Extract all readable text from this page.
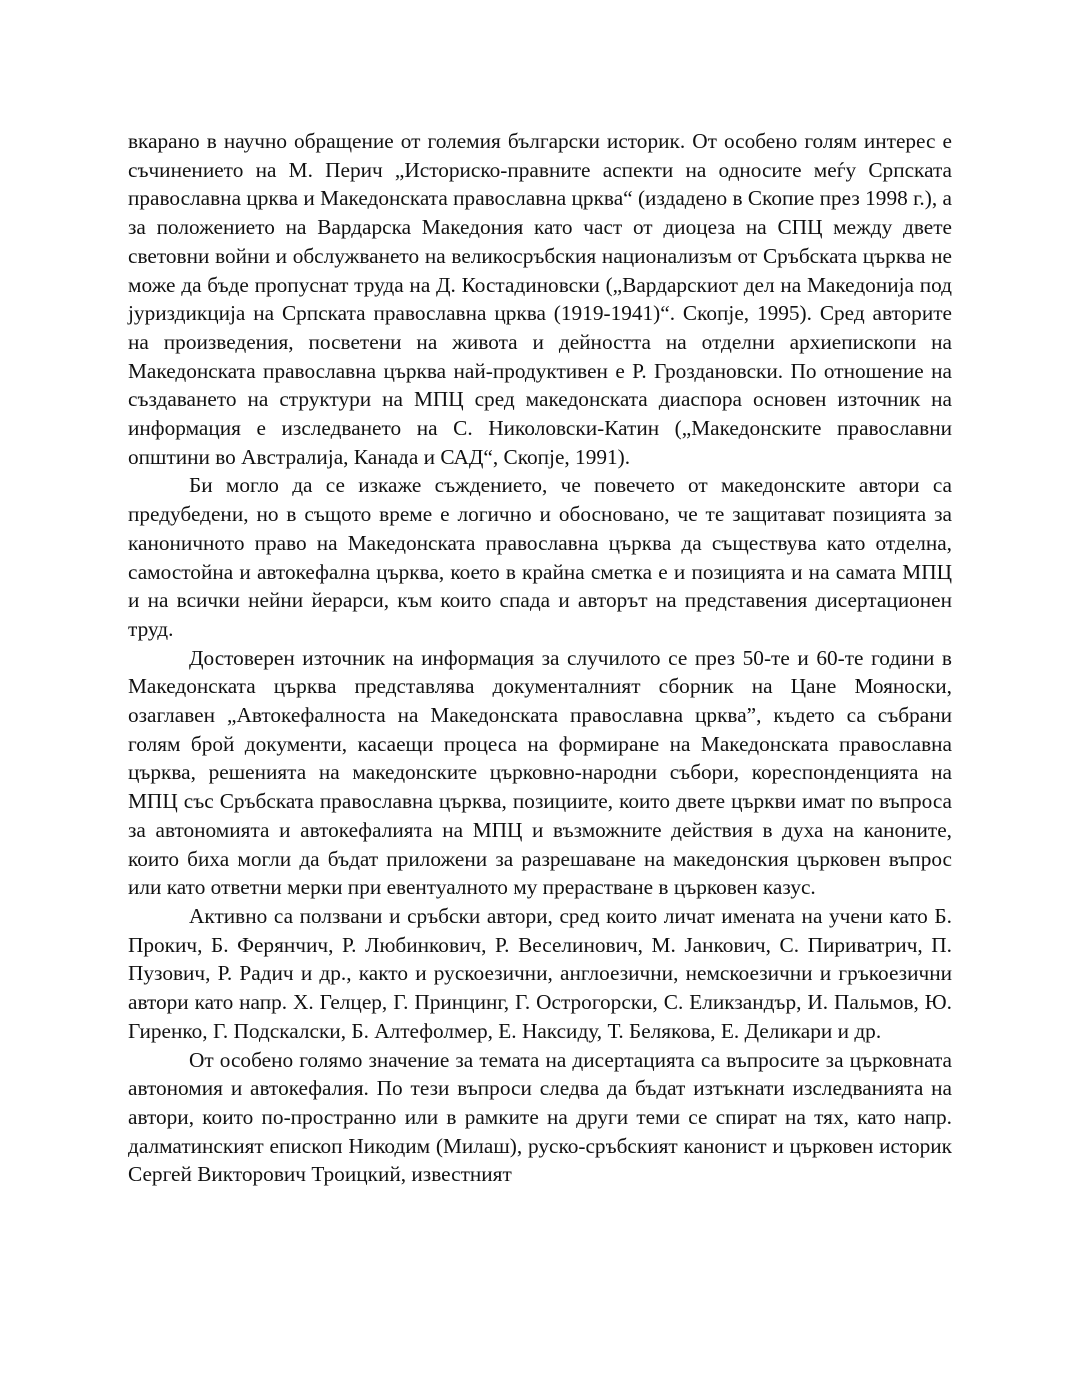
вкарано в научно обращение от големия български историк. От особено голям интерес е съчинението на М. Перич „Историско-правните аспекти на односите меѓу Српската православна црква и Македонската православна црква“ (издадено в Скопие през 1998 г.), а за положението на Вардарска Македония като част от диоцеза на СПЦ между двете световни войни и обслужването на великосръбския национализъм от Сръбската църква не може да бъде пропуснат труда на Д. Костадиновски („Вардарскиот дел на Македонија под јуриздикција на Српската православна црква (1919-1941)“. Скопје, 1995). Сред авторите на произведения, посветени на живота и дейността на отделни архиепископи на Македонската православна църква най-продуктивен е Р. Грозданoвски. По отношение на създаването на структури на МПЦ сред македонската диаспора основен източник на информация е изследването на С. Николовски-Катин („Македонските православни општини во Австралија, Канада и САД“, Скопје, 1991).

Би могло да се изкаже съждението, че повечето от македонските автори са предубедени, но в същото време е логично и обосновано, че те защитават позицията за каноничното право на Македонската православна църква да съществува като отделна, самостойна и автокефална църква, което в крайна сметка е и позицията и на самата МПЦ и на всички нейни йерарси, към които спада и авторът на представения дисертационен труд.

Достоверен източник на информация за случилото се през 50-те и 60-те години в Македонската църква представлява документалният сборник на Цане Мояноски, озаглавен „Автокефалноста на Македонската православна црква”, където са събрани голям брой документи, касаещи процеса на формиране на Македонската православна църква, решенията на македонските църковно-народни събори, кореспонденцията на МПЦ със Сръбската православна църква, позициите, които двете църкви имат по въпроса за автономията и автокефалията на МПЦ и възможните действия в духа на каноните, които биха могли да бъдат приложени за разрешаване на македонския църковен въпрос или като ответни мерки при евентуалното му прерастване в църковен казус.

Активно са ползвани и сръбски автори, сред които личат имената на учени като Б. Прокич, Б. Ферянчич, Р. Любинкович, Р. Веселинович, М. Јанкович, С. Пириватрич, П. Пузович, Р. Радич и др., както и рускоезични, англоезични, немскоезични и гръкоезични автори като напр. Х. Гелцер, Г. Принцинг, Г. Острогорски, С. Еликзандър, И. Пальмов, Ю. Гиренко, Г. Подскалски, Б. Алтефолмер, Е. Наксиду, Т. Белякова, Е. Деликари и др.

От особено голямо значение за темата на дисертацията са въпросите за църковната автономия и автокефалия. По тези въпроси следва да бъдат изтъкнати изследванията на автори, които по-пространно или в рамките на други теми се спират на тях, като напр. далматинският епископ Никодим (Милаш), руско-сръбският канонист и църковен историк Сергей Викторович Троицкий, известният
